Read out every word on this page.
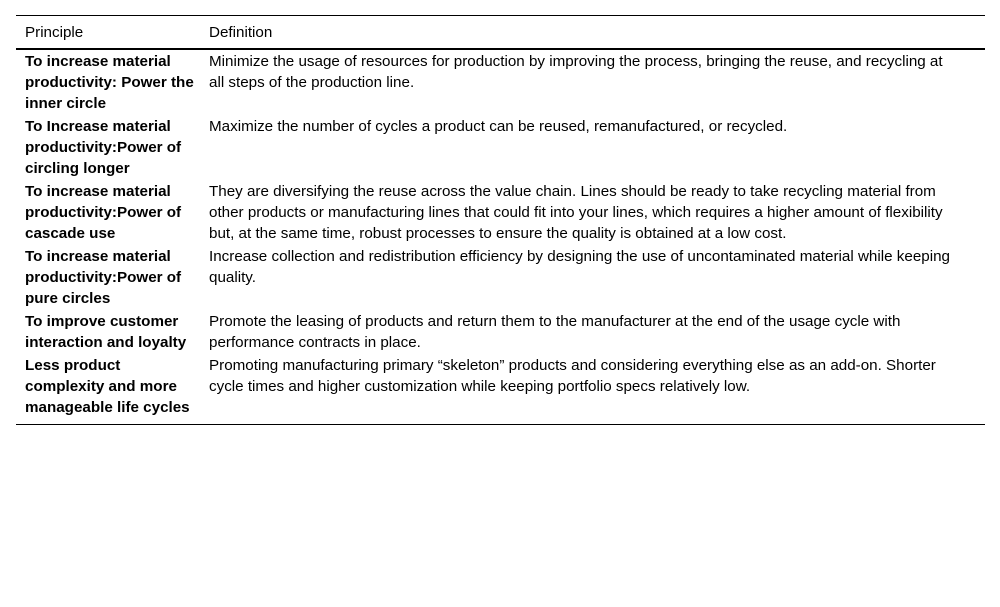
Principle	Definition
To increase material productivity: Power the inner circle	Minimize the usage of resources for production by improving the process, bringing the reuse, and recycling at all steps of the production line.
To Increase material productivity:Power of circling longer	Maximize the number of cycles a product can be reused, remanufactured, or recycled.
To increase material productivity:Power of cascade use	They are diversifying the reuse across the value chain. Lines should be ready to take recycling material from other products or manufacturing lines that could fit into your lines, which requires a higher amount of flexibility but, at the same time, robust processes to ensure the quality is obtained at a low cost.
To increase material productivity:Power of pure circles	Increase collection and redistribution efficiency by designing the use of uncontaminated material while keeping quality.
To improve customer interaction and loyalty	Promote the leasing of products and return them to the manufacturer at the end of the usage cycle with performance contracts in place.
Less product complexity and more manageable life cycles	Promoting manufacturing primary “skeleton” products and considering everything else as an add-on. Shorter cycle times and higher customization while keeping portfolio specs relatively low.
